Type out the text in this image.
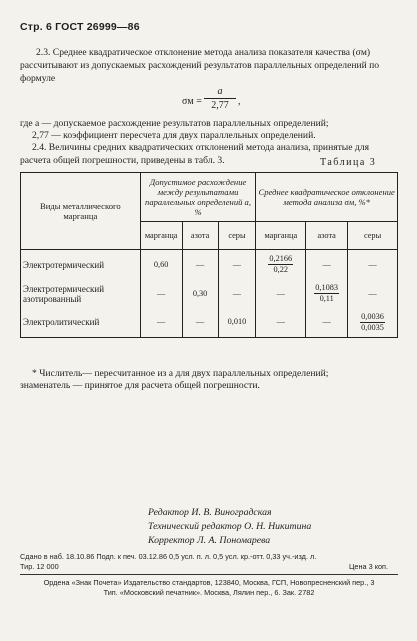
Стр. 6 ГОСТ 26999—86
2.3. Среднее квадратическое отклонение метода анализа показателя качества (σм) рассчитывают из допускаемых расхождений результатов параллельных определений по формуле
σм =
a
2,77 ,
где a — допускаемое расхождение результатов параллельных определений;
2,77 — коэффициент пересчета для двух параллельных определений.
2.4. Величины средних квадратических отклонений метода анализа, принятые для расчета общей погрешности, приведены в табл. 3.	Таблица 3
Виды металлического марганца	Допустимое расхождение между результатами параллельных определений a, %			Среднее квадратическое отклонение метода анализа σм, %*		
	марганца	азота	серы	марганца	азота	серы
Электротермический	0,60	—	—	$\frac{0,2166}{0,22}$	—	—
Электротермический азотированный	—	0,30	—	—	$\frac{0,1083}{0,11}$	—
Электролитический	—	—	0,010	—	—	$\frac{0,0036}{0,0035}$
* Числитель— пересчитанное из a для двух параллельных определений;
знаменатель — принятое для расчета общей погрешности.
Редактор И. В. Виноградская
Технический редактор О. Н. Никитина
Корректор Л. А. Пономарева
Сдано в наб. 18.10.86 Подп. к печ. 03.12.86 0,5 усл. п. л. 0,5 усл. кр.-отт. 0,33 уч.-изд. л.
Тир. 12 000	Цена 3 коп.
Ордена «Знак Почета» Издательство стандартов, 123840, Москва, ГСП, Новопресненский пер., 3
Тип. «Московский печатник». Москва, Лялин пер., 6. Зак. 2782
